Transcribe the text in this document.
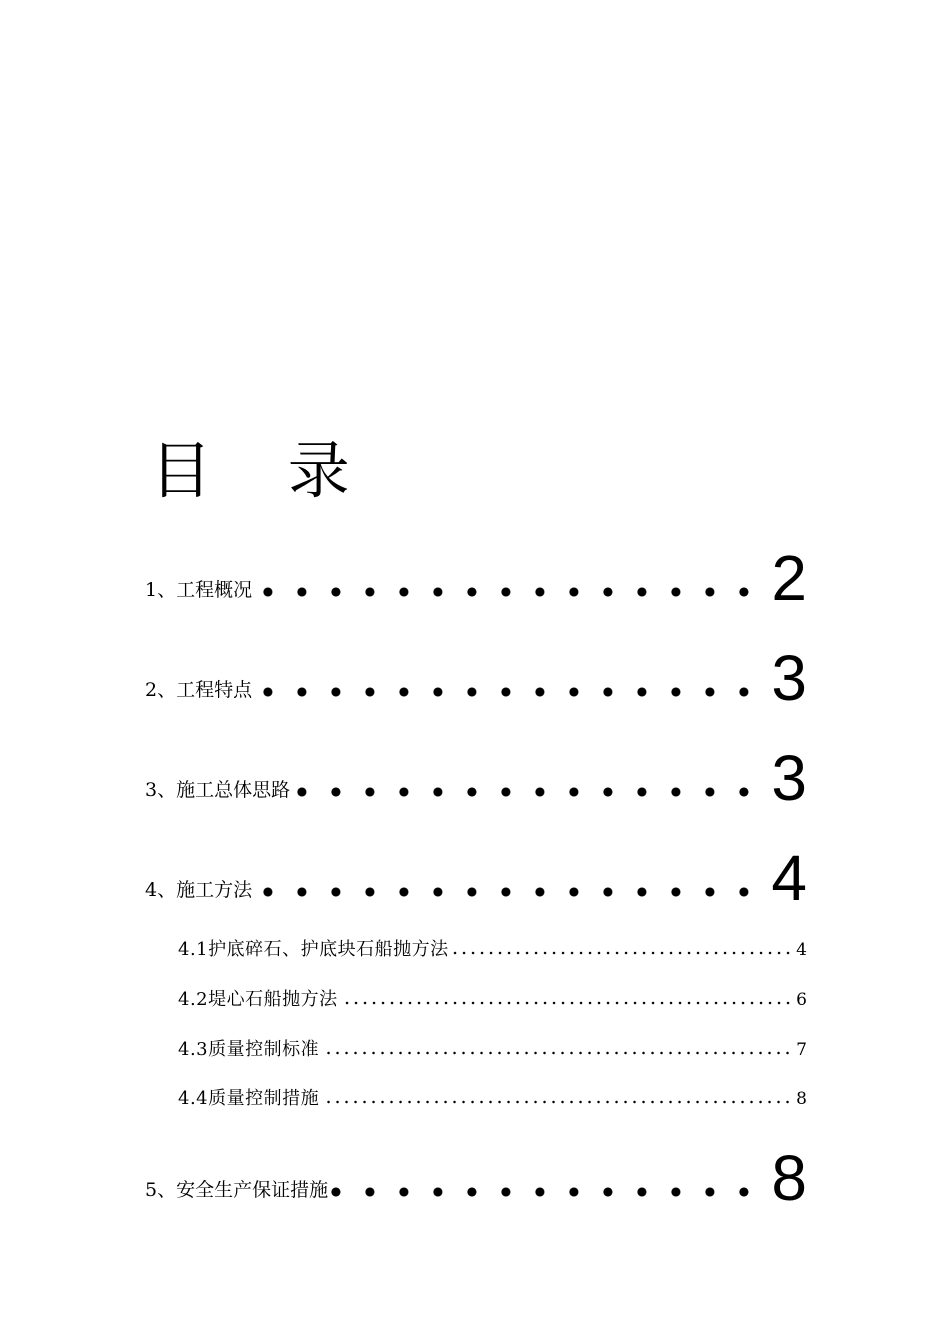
目 录
1、工程概况	2
2、工程特点	3
3、施工总体思路	3
4、施工方法	4
4.1护底碎石、护底块石船抛方法	4
4.2堤心石船抛方法	6
4.3质量控制标准	7
4.4质量控制措施	8
5、安全生产保证措施	8
